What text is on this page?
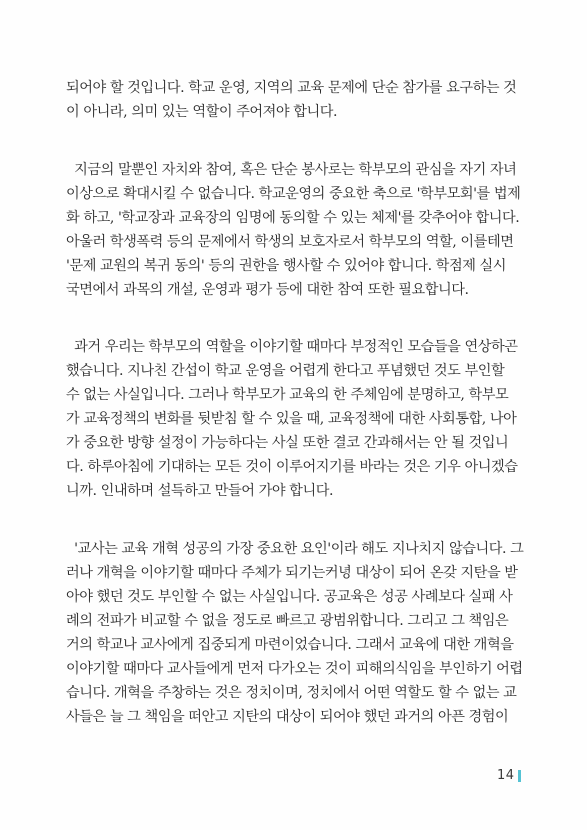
되어야 할 것입니다. 학교 운영, 지역의 교육 문제에 단순 참가를 요구하는 것
이 아니라, 의미 있는 역할이 주어져야 합니다.
지금의 말뿐인 자치와 참여, 혹은 단순 봉사로는 학부모의 관심을 자기 자녀
이상으로 확대시킬 수 없습니다. 학교운영의 중요한 축으로 '학부모회'를 법제
화 하고, '학교장과 교육장의 임명에 동의할 수 있는 체제'를 갖추어야 합니다.
아울러 학생폭력 등의 문제에서 학생의 보호자로서 학부모의 역할, 이를테면
'문제 교원의 복귀 동의' 등의 권한을 행사할 수 있어야 합니다. 학점제 실시
국면에서 과목의 개설, 운영과 평가 등에 대한 참여 또한 필요합니다.
과거 우리는 학부모의 역할을 이야기할 때마다 부정적인 모습들을 연상하곤
했습니다. 지나친 간섭이 학교 운영을 어렵게 한다고 푸념했던 것도 부인할
수 없는 사실입니다. 그러나 학부모가 교육의 한 주체임에 분명하고, 학부모
가 교육정책의 변화를 뒷받침 할 수 있을 때, 교육정책에 대한 사회통합, 나아
가 중요한 방향 설정이 가능하다는 사실 또한 결코 간과해서는 안 될 것입니
다. 하루아침에 기대하는 모든 것이 이루어지기를 바라는 것은 기우 아니겠습
니까. 인내하며 설득하고 만들어 가야 합니다.
'교사는 교육 개혁 성공의 가장 중요한 요인'이라 해도 지나치지 않습니다. 그
러나 개혁을 이야기할 때마다 주체가 되기는커녕 대상이 되어 온갖 지탄을 받
아야 했던 것도 부인할 수 없는 사실입니다. 공교육은 성공 사례보다 실패 사
례의 전파가 비교할 수 없을 정도로 빠르고 광범위합니다. 그리고 그 책임은
거의 학교나 교사에게 집중되게 마련이었습니다. 그래서 교육에 대한 개혁을
이야기할 때마다 교사들에게 먼저 다가오는 것이 피해의식임을 부인하기 어렵
습니다. 개혁을 주창하는 것은 정치이며, 정치에서 어떤 역할도 할 수 없는 교
사들은 늘 그 책임을 떠안고 지탄의 대상이 되어야 했던 과거의 아픈 경험이
14
